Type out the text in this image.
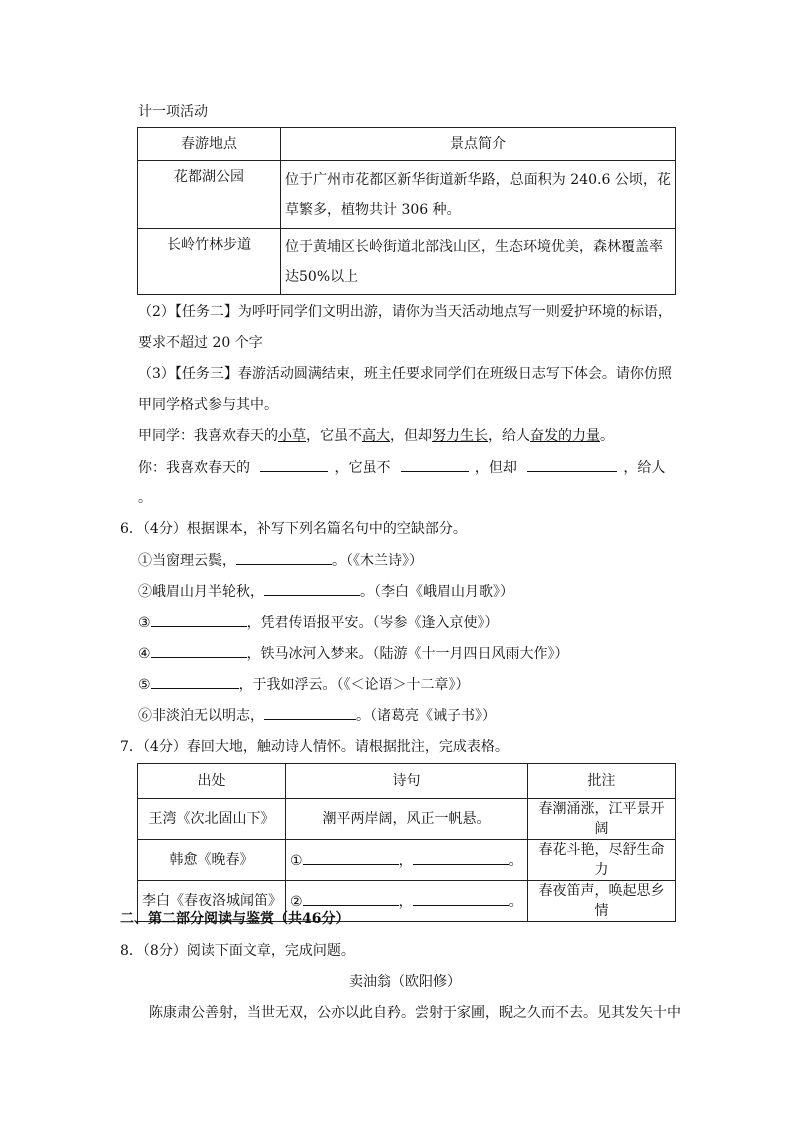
计一项活动
春游地点	景点简介
花都湖公园	位于广州市花都区新华街道新华路，总面积为 240.6 公顷，花草繁多，植物共计 306 种。
长岭竹林步道	位于黄埔区长岭街道北部浅山区，生态环境优美，森林覆盖率达50%以上
（2）【任务二】为呼吁同学们文明出游，请你为当天活动地点写一则爱护环境的标语，
要求不超过 20 个字
（3）【任务三】春游活动圆满结束，班主任要求同学们在班级日志写下体会。请你仿照
甲同学格式参与其中。
甲同学：我喜欢春天的小草，它虽不高大，但却努力生长，给人奋发的力量。
你：我喜欢春天的	，它虽不	，但却	，给人
。
6．（4分）根据课本，补写下列名篇名句中的空缺部分。
①当窗理云鬓，	。（《木兰诗》）
②峨眉山月半轮秋，	。（李白《峨眉山月歌》）
③	，凭君传语报平安。（岑参《逢入京使》）
④	，铁马冰河入梦来。（陆游《十一月四日风雨大作》）
⑤	，于我如浮云。（《＜论语＞十二章》）
⑥非淡泊无以明志，	。（诸葛亮《诫子书》）
7．（4分）春回大地，触动诗人情怀。请根据批注，完成表格。
出处	诗句	批注
王湾《次北固山下》	潮平两岸阔，风正一帆悬。	春潮涌涨，江平景开阔
韩愈《晚春》	① ， 。	春花斗艳，尽舒生命力
李白《春夜洛城闻笛》	② ， 。	春夜笛声，唤起思乡情
二、第二部分阅读与鉴赏（共46分）
8．（8分）阅读下面文章，完成问题。
卖油翁（欧阳修）
陈康肃公善射，当世无双，公亦以此自矜。尝射于家圃，睨之久而不去。见其发矢十中
